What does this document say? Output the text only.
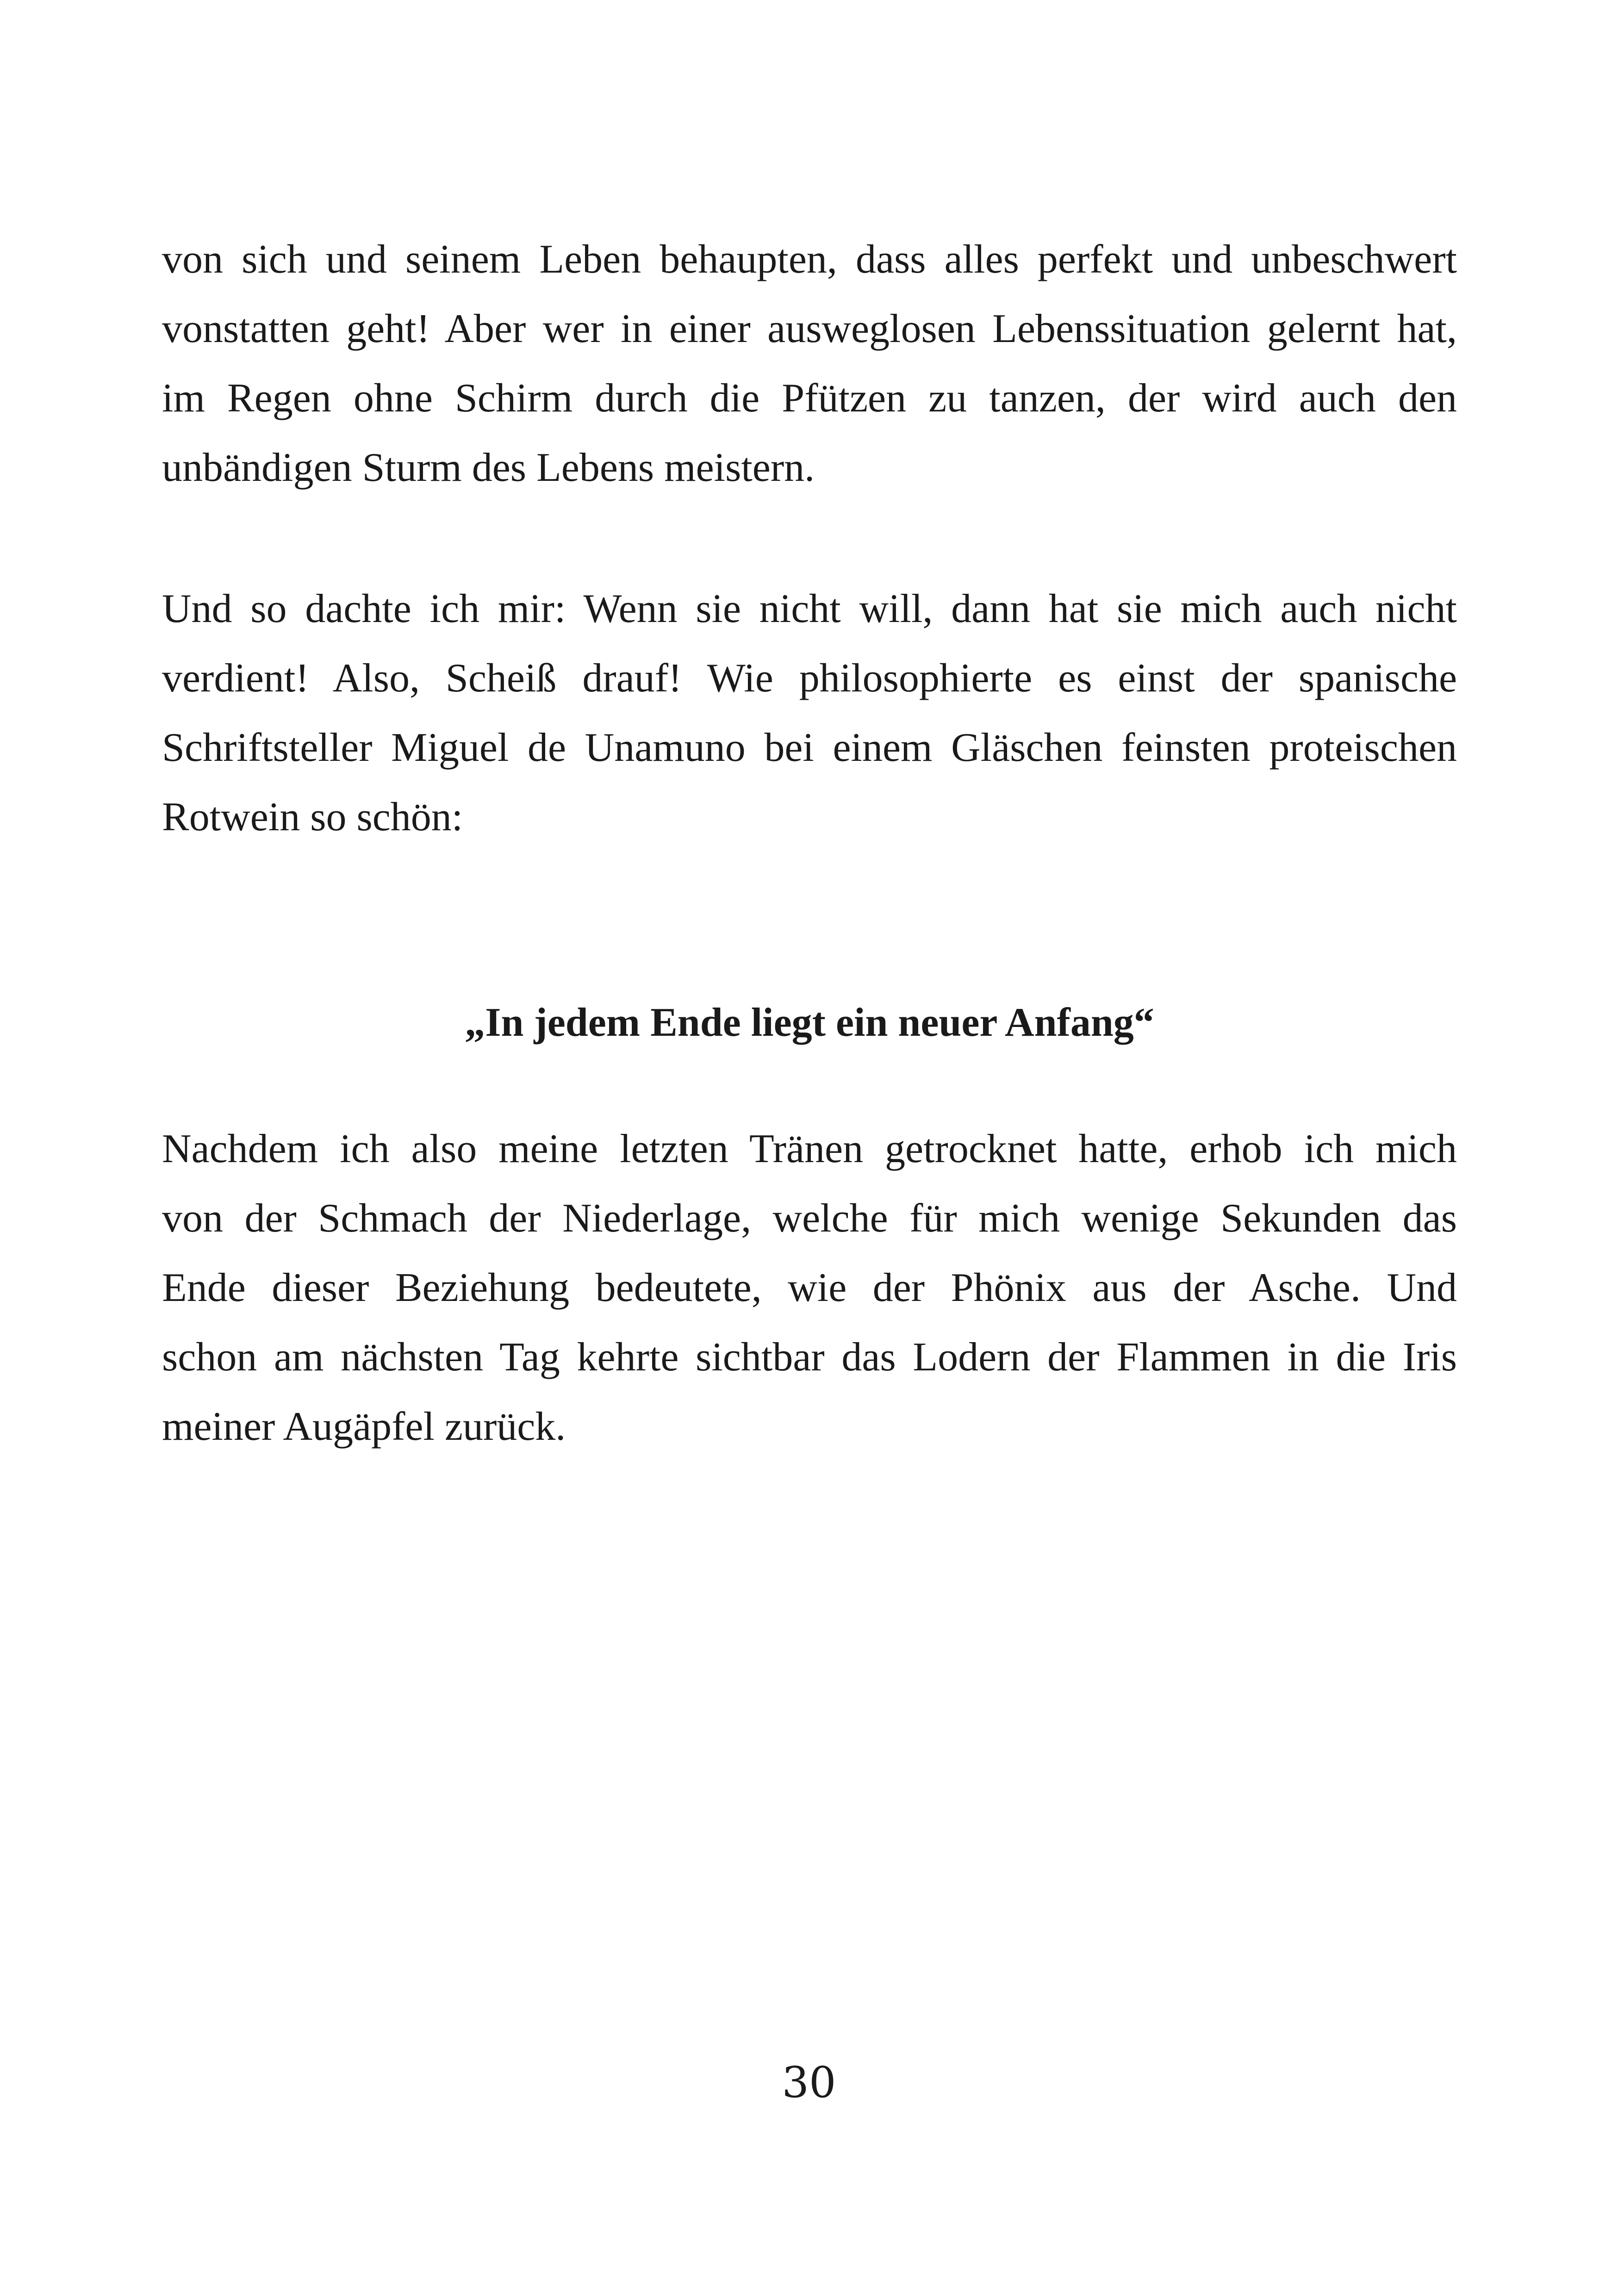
von sich und seinem Leben behaupten, dass alles perfekt und unbeschwert
vonstatten geht! Aber wer in einer ausweglosen Lebenssituation gelernt hat,
im Regen ohne Schirm durch die Pfützen zu tanzen, der wird auch den
unbändigen Sturm des Lebens meistern.

Und so dachte ich mir: Wenn sie nicht will, dann hat sie mich auch nicht
verdient! Also, Scheiß drauf! Wie philosophierte es einst der spanische
Schriftsteller Miguel de Unamuno bei einem Gläschen feinsten proteischen
Rotwein so schön:

„In jedem Ende liegt ein neuer Anfang“

Nachdem ich also meine letzten Tränen getrocknet hatte, erhob ich mich
von der Schmach der Niederlage, welche für mich wenige Sekunden das
Ende dieser Beziehung bedeutete, wie der Phönix aus der Asche. Und
schon am nächsten Tag kehrte sichtbar das Lodern der Flammen in die Iris
meiner Augäpfel zurück.

30
